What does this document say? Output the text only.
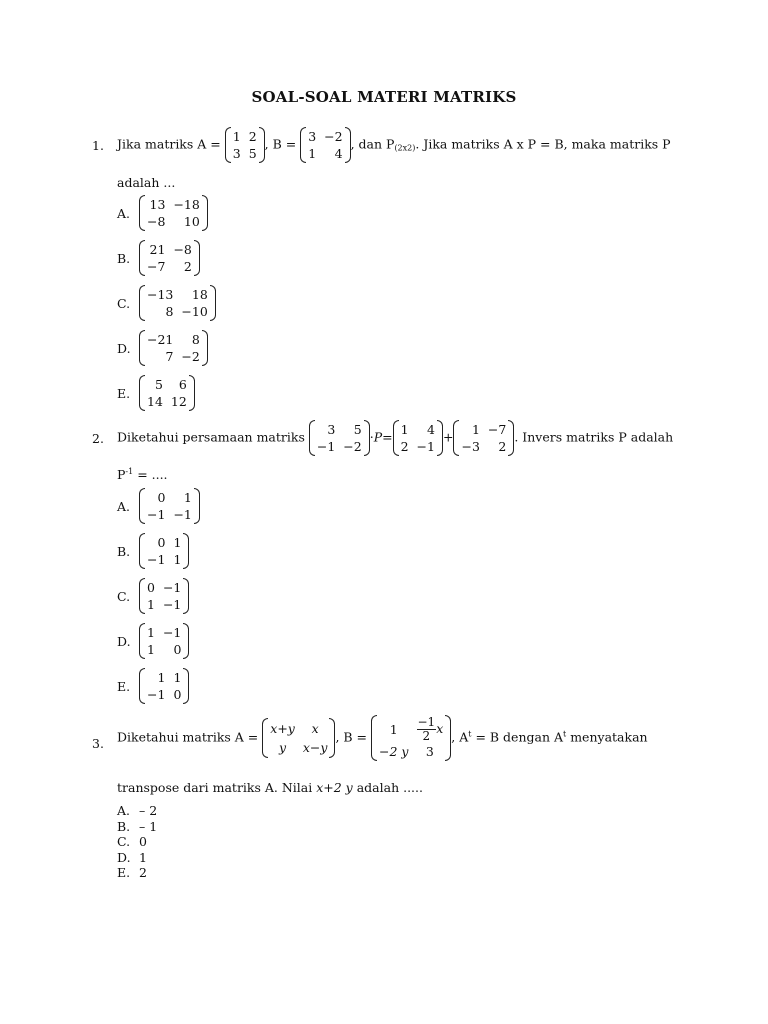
SOAL-SOAL MATERI MATRIKS
1. Jika matriks A = 1	2
3	5
, B = 3	−2
1	4
, dan $P_{(2x2)}$. Jika matriks A x P = B, maka matriks P
adalah ...
A.
13	−18
−8	10
B.
21	−8
−7	2
C.
−13	18
8	−10
D.
−21	8
7	−2
E.
5	6
14	12
2. Diketahui persamaan matriks 3	5
−1	−2
·P= 1	4
2	−1
+ 1	−7
−3	2
. Invers matriks P adalah
$P^{-1}$ = ....
A.
0	1
−1	−1
B.
0	1
−1	1
C.
0	−1
1	−1
D.
1	−1
1	0
E.
1	1
−1	0
3. Diketahui matriks A =
x+y	x
y	x−y
, B = 1	$\frac{-1}{2}$ x
−2 y	3
, $A^t = B$ dengan $A^t$ menyatakan
transpose dari matriks A. Nilai x+2 y adalah .....
A. – 2
B. – 1
C. 0
D. 1
E. 2
